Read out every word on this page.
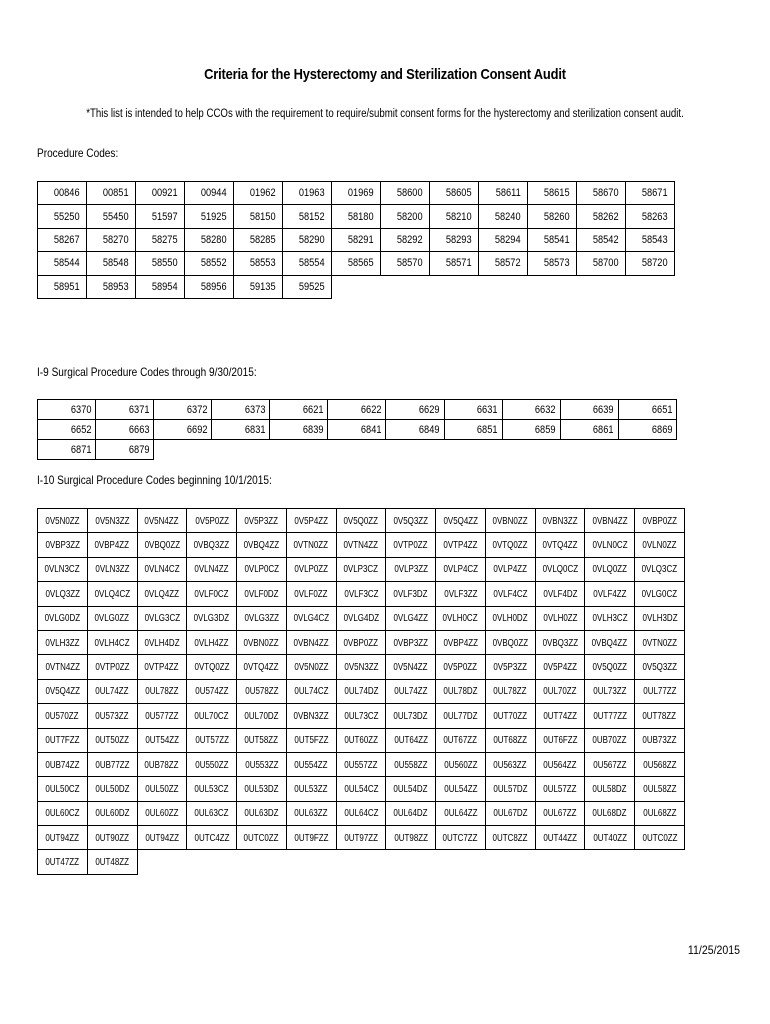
Criteria for the Hysterectomy and Sterilization Consent Audit
*This list is intended to help CCOs with the requirement to require/submit consent forms for the hysterectomy and sterilization consent audit.
Procedure Codes:
00846	00851	00921	00944	01962	01963	01969	58600	58605	58611	58615	58670	58671
55250	55450	51597	51925	58150	58152	58180	58200	58210	58240	58260	58262	58263
58267	58270	58275	58280	58285	58290	58291	58292	58293	58294	58541	58542	58543
58544	58548	58550	58552	58553	58554	58565	58570	58571	58572	58573	58700	58720
58951	58953	58954	58956	59135	59525							
I-9 Surgical Procedure Codes through 9/30/2015:
6370	6371	6372	6373	6621	6622	6629	6631	6632	6639	6651
6652	6663	6692	6831	6839	6841	6849	6851	6859	6861	6869
6871	6879									
I-10 Surgical Procedure Codes beginning 10/1/2015:
0V5N0ZZ	0V5N3ZZ	0V5N4ZZ	0V5P0ZZ	0V5P3ZZ	0V5P4ZZ	0V5Q0ZZ	0V5Q3ZZ	0V5Q4ZZ	0VBN0ZZ	0VBN3ZZ	0VBN4ZZ	0VBP0ZZ
0VBP3ZZ	0VBP4ZZ	0VBQ0ZZ	0VBQ3ZZ	0VBQ4ZZ	0VTN0ZZ	0VTN4ZZ	0VTP0ZZ	0VTP4ZZ	0VTQ0ZZ	0VTQ4ZZ	0VLN0CZ	0VLN0ZZ
0VLN3CZ	0VLN3ZZ	0VLN4CZ	0VLN4ZZ	0VLP0CZ	0VLP0ZZ	0VLP3CZ	0VLP3ZZ	0VLP4CZ	0VLP4ZZ	0VLQ0CZ	0VLQ0ZZ	0VLQ3CZ
0VLQ3ZZ	0VLQ4CZ	0VLQ4ZZ	0VLF0CZ	0VLF0DZ	0VLF0ZZ	0VLF3CZ	0VLF3DZ	0VLF3ZZ	0VLF4CZ	0VLF4DZ	0VLF4ZZ	0VLG0CZ
0VLG0DZ	0VLG0ZZ	0VLG3CZ	0VLG3DZ	0VLG3ZZ	0VLG4CZ	0VLG4DZ	0VLG4ZZ	0VLH0CZ	0VLH0DZ	0VLH0ZZ	0VLH3CZ	0VLH3DZ
0VLH3ZZ	0VLH4CZ	0VLH4DZ	0VLH4ZZ	0VBN0ZZ	0VBN4ZZ	0VBP0ZZ	0VBP3ZZ	0VBP4ZZ	0VBQ0ZZ	0VBQ3ZZ	0VBQ4ZZ	0VTN0ZZ
0VTN4ZZ	0VTP0ZZ	0VTP4ZZ	0VTQ0ZZ	0VTQ4ZZ	0V5N0ZZ	0V5N3ZZ	0V5N4ZZ	0V5P0ZZ	0V5P3ZZ	0V5P4ZZ	0V5Q0ZZ	0V5Q3ZZ
0V5Q4ZZ	0UL74ZZ	0UL78ZZ	0U574ZZ	0U578ZZ	0UL74CZ	0UL74DZ	0UL74ZZ	0UL78DZ	0UL78ZZ	0UL70ZZ	0UL73ZZ	0UL77ZZ
0U570ZZ	0U573ZZ	0U577ZZ	0UL70CZ	0UL70DZ	0VBN3ZZ	0UL73CZ	0UL73DZ	0UL77DZ	0UT70ZZ	0UT74ZZ	0UT77ZZ	0UT78ZZ
0UT7FZZ	0UT50ZZ	0UT54ZZ	0UT57ZZ	0UT58ZZ	0UT5FZZ	0UT60ZZ	0UT64ZZ	0UT67ZZ	0UT68ZZ	0UT6FZZ	0UB70ZZ	0UB73ZZ
0UB74ZZ	0UB77ZZ	0UB78ZZ	0U550ZZ	0U553ZZ	0U554ZZ	0U557ZZ	0U558ZZ	0U560ZZ	0U563ZZ	0U564ZZ	0U567ZZ	0U568ZZ
0UL50CZ	0UL50DZ	0UL50ZZ	0UL53CZ	0UL53DZ	0UL53ZZ	0UL54CZ	0UL54DZ	0UL54ZZ	0UL57DZ	0UL57ZZ	0UL58DZ	0UL58ZZ
0UL60CZ	0UL60DZ	0UL60ZZ	0UL63CZ	0UL63DZ	0UL63ZZ	0UL64CZ	0UL64DZ	0UL64ZZ	0UL67DZ	0UL67ZZ	0UL68DZ	0UL68ZZ
0UT94ZZ	0UT90ZZ	0UT94ZZ	0UTC4ZZ	0UTC0ZZ	0UT9FZZ	0UT97ZZ	0UT98ZZ	0UTC7ZZ	0UTC8ZZ	0UT44ZZ	0UT40ZZ	0UTC0ZZ
0UT47ZZ	0UT48ZZ											
11/25/2015
